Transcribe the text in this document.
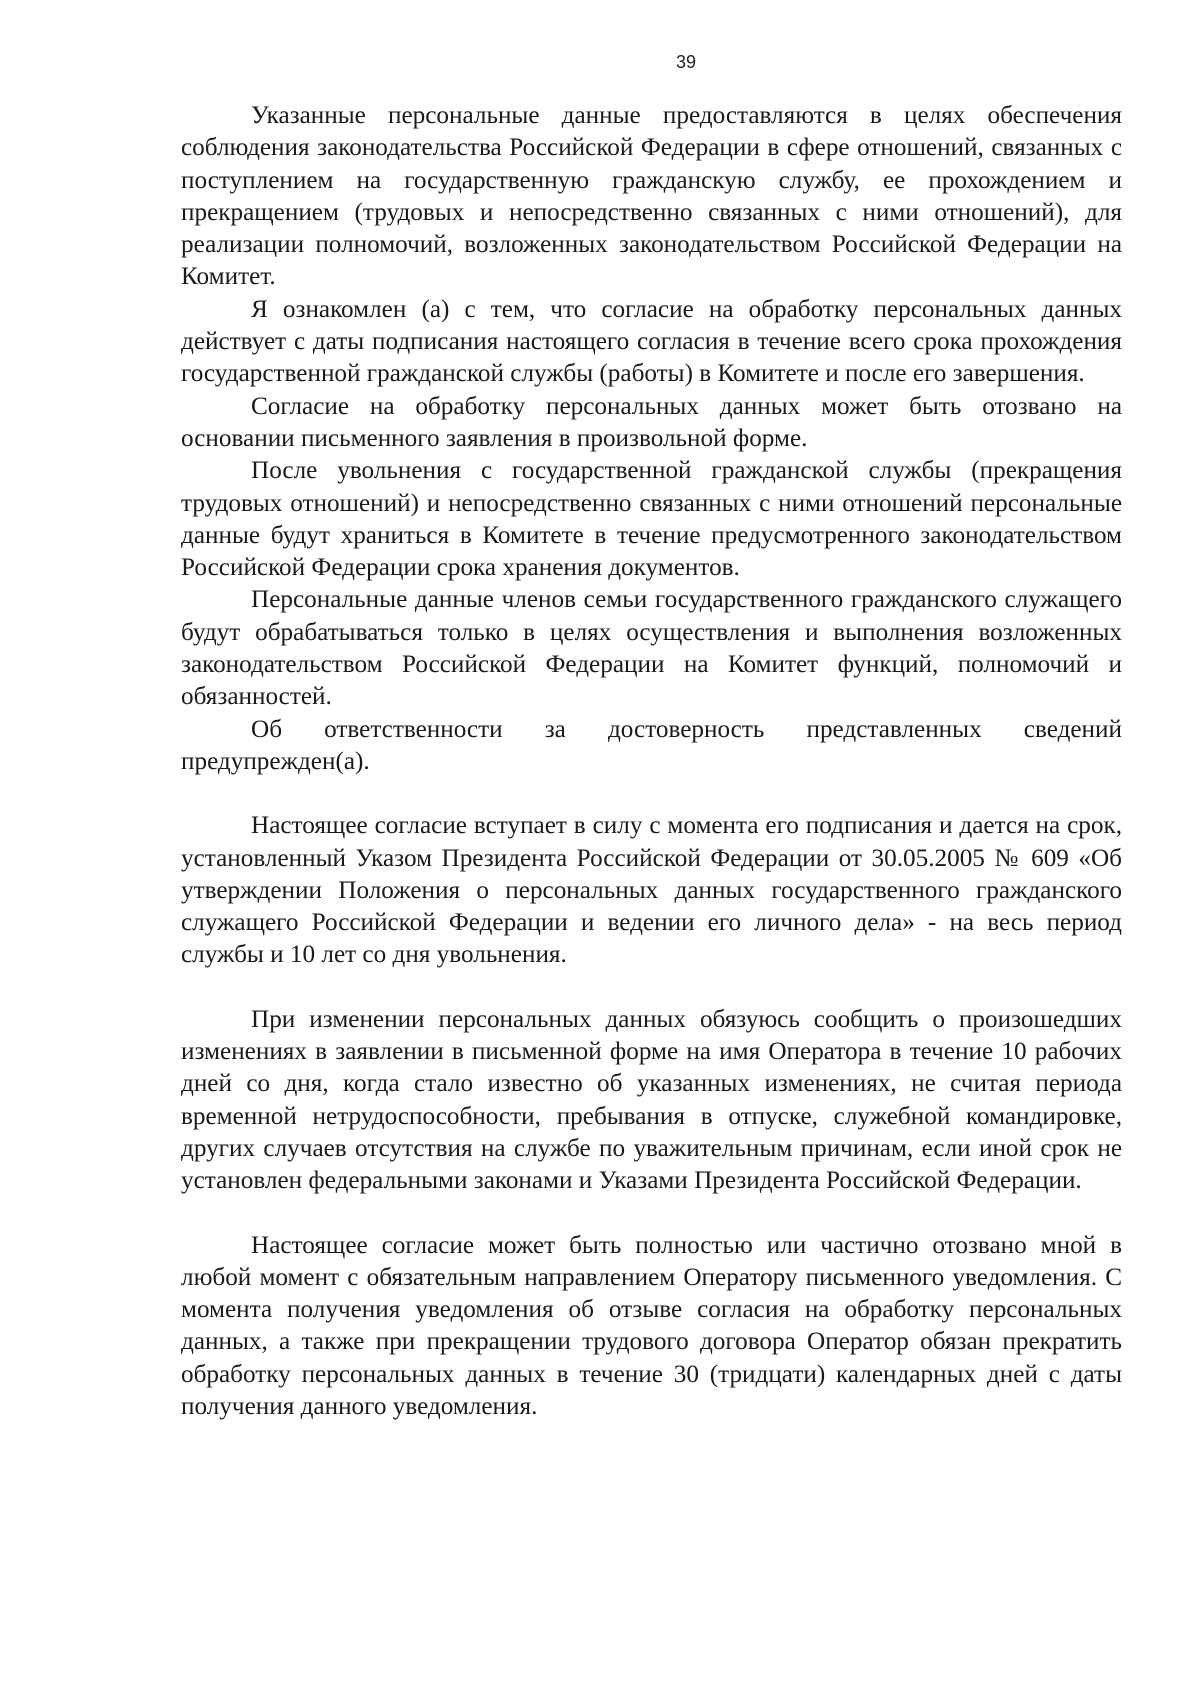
39

Указанные персональные данные предоставляются в целях обеспечения соблюдения законодательства Российской Федерации в сфере отношений, связанных с поступлением на государственную гражданскую службу, ее прохождением и прекращением (трудовых и непосредственно связанных с ними отношений), для реализации полномочий, возложенных законодательством Российской Федерации на Комитет.

Я ознакомлен (а) с тем, что согласие на обработку персональных данных действует с даты подписания настоящего согласия в течение всего срока прохождения государственной гражданской службы (работы) в Комитете и после его завершения.

Согласие на обработку персональных данных может быть отозвано на основании письменного заявления в произвольной форме.

После увольнения с государственной гражданской службы (прекращения трудовых отношений) и непосредственно связанных с ними отношений персональные данные будут храниться в Комитете в течение предусмотренного законодательством Российской Федерации срока хранения документов.

Персональные данные членов семьи государственного гражданского служащего будут обрабатываться только в целях осуществления и выполнения возложенных законодательством Российской Федерации на Комитет функций, полномочий и обязанностей.

Об ответственности за достоверность представленных сведений предупрежден(а).

Настоящее согласие вступает в силу с момента его подписания и дается на срок, установленный Указом Президента Российской Федерации от 30.05.2005 № 609 «Об утверждении Положения о персональных данных государственного гражданского служащего Российской Федерации и ведении его личного дела» - на весь период службы и 10 лет со дня увольнения.

При изменении персональных данных обязуюсь сообщить о произошедших изменениях в заявлении в письменной форме на имя Оператора в течение 10 рабочих дней со дня, когда стало известно об указанных изменениях, не считая периода временной нетрудоспособности, пребывания в отпуске, служебной командировке, других случаев отсутствия на службе по уважительным причинам, если иной срок не установлен федеральными законами и Указами Президента Российской Федерации.

Настоящее согласие может быть полностью или частично отозвано мной в любой момент с обязательным направлением Оператору письменного уведомления. С момента получения уведомления об отзыве согласия на обработку персональных данных, а также при прекращении трудового договора Оператор обязан прекратить обработку персональных данных в течение 30 (тридцати) календарных дней с даты получения данного уведомления.
